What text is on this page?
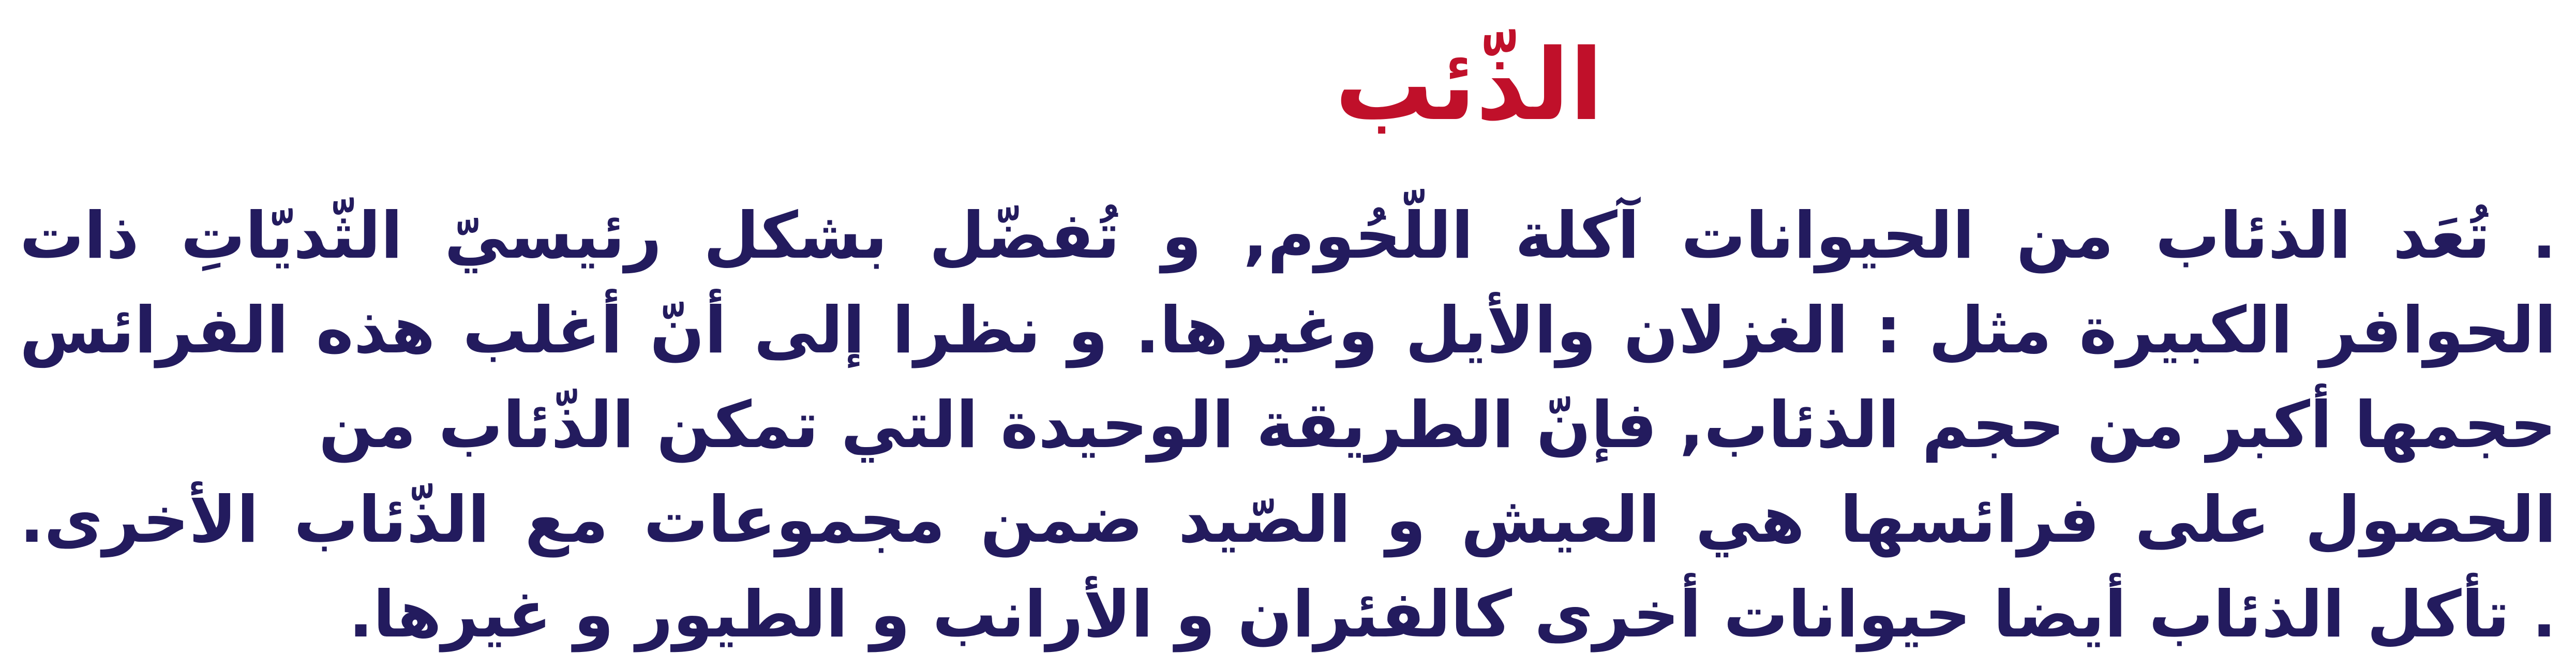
الذّئب
. تُعَد الذئاب من الحيوانات آكلة اللّحُوم, و تُفضّل بشكل رئيسيّ الثّديّاتِ ذات
الحوافر الكبيرة مثل : الغزلان والأيل وغيرها. و نظرا إلى أنّ أغلب هذه الفرائس
حجمها أكبر من حجم الذئاب, فإنّ الطريقة الوحيدة التي تمكن الذّئاب من
الحصول على فرائسها هي العيش و الصّيد ضمن مجموعات مع الذّئاب الأخرى.
. تأكل الذئاب أيضا حيوانات أخرى كالفئران و الأرانب و الطيور و غيرها.
